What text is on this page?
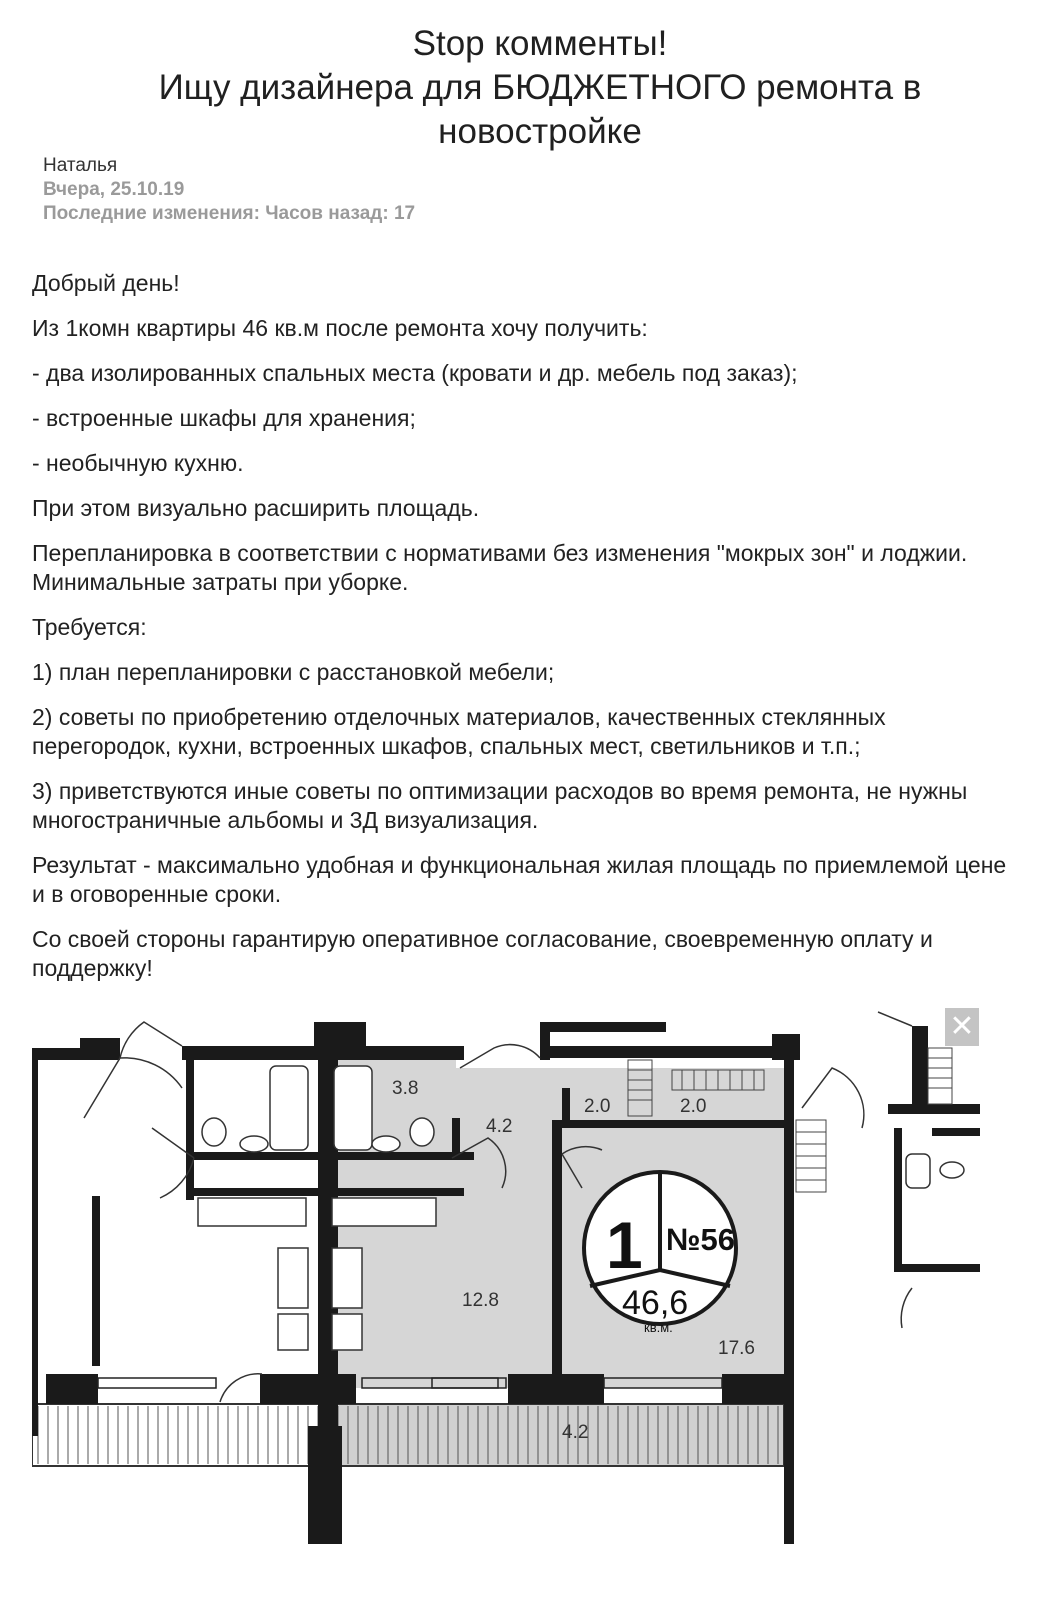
Stop комменты!
Ищу дизайнера для БЮДЖЕТНОГО ремонта в
новостройке
Наталья
Вчера, 25.10.19
Последние изменения: Часов назад: 17

Добрый день!

Из 1комн квартиры 46 кв.м после ремонта хочу получить:

- два изолированных спальных места (кровати и др. мебель под заказ);

- встроенные шкафы для хранения;

- необычную кухню.

При этом визуально расширить площадь.

Перепланировка в соответствии с нормативами без изменения "мокрых зон" и лоджии. Минимальные затраты при уборке.

Требуется:

1) план перепланировки с расстановкой мебели;

2) советы по приобретению отделочных материалов, качественных стеклянных перегородок, кухни, встроенных шкафов, спальных мест, светильников и т.п.;

3) приветствуются иные советы по оптимизации расходов во время ремонта, не нужны многостраничные альбомы и 3Д визуализация.

Результат - максимально удобная и функциональная жилая площадь по приемлемой цене и в оговоренные сроки.

Со своей стороны гарантирую оперативное согласование, своевременную оплату и поддержку!

3.8
4.2
2.0	2.0
12.8
17.6
4.2
1 №56
46,6
кв.м.
✕
